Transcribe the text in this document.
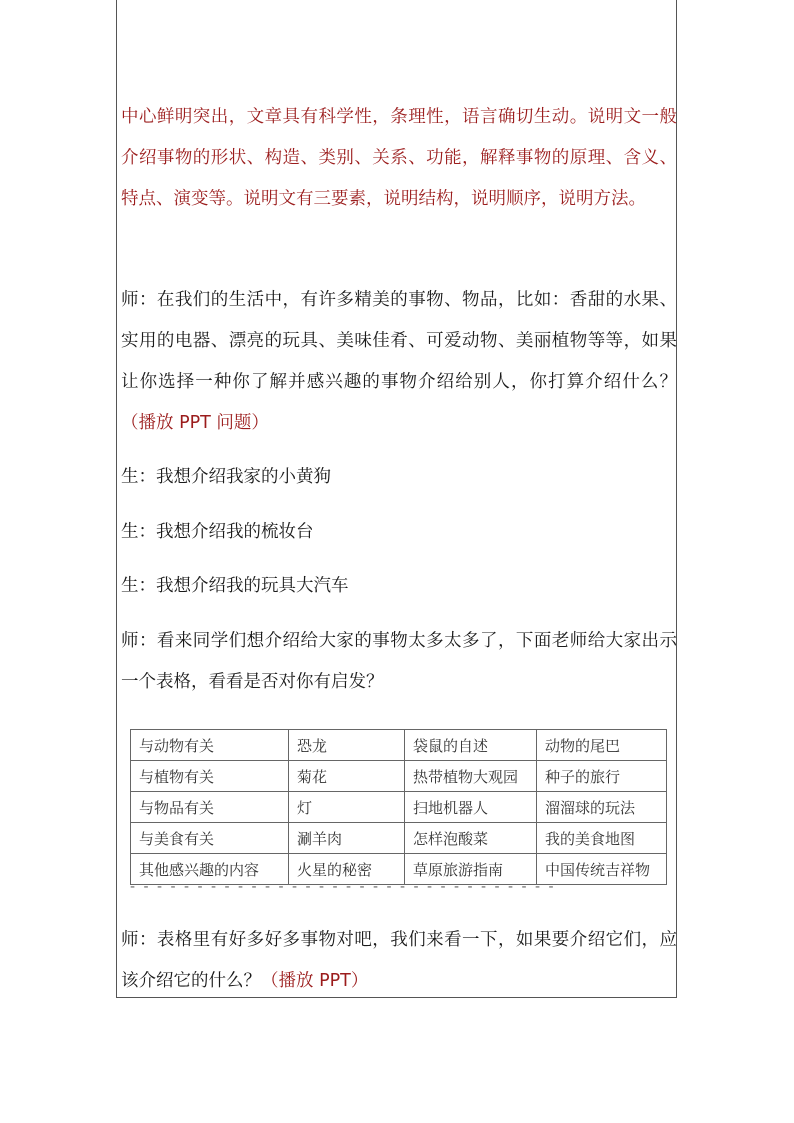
中心鲜明突出，文章具有科学性，条理性，语言确切生动。说明文一般介绍事物的形状、构造、类别、关系、功能，解释事物的原理、含义、特点、演变等。说明文有三要素，说明结构，说明顺序，说明方法。

师：在我们的生活中，有许多精美的事物、物品，比如：香甜的水果、实用的电器、漂亮的玩具、美味佳肴、可爱动物、美丽植物等等，如果让你选择一种你了解并感兴趣的事物介绍给别人，你打算介绍什么？（播放 PPT 问题）

生：我想介绍我家的小黄狗

生：我想介绍我的梳妆台

生：我想介绍我的玩具大汽车

师：看来同学们想介绍给大家的事物太多太多了，下面老师给大家出示一个表格，看看是否对你有启发？

与动物有关	恐龙	袋鼠的自述	动物的尾巴
与植物有关	菊花	热带植物大观园	种子的旅行
与物品有关	灯	扫地机器人	溜溜球的玩法
与美食有关	涮羊肉	怎样泡酸菜	我的美食地图
其他感兴趣的内容	火星的秘密	草原旅游指南	中国传统吉祥物
- - - - - - - - - - - - - - - - - - - - - - - - - - - - - - - -

师：表格里有好多好多事物对吧，我们来看一下，如果要介绍它们，应该介绍它的什么？（播放 PPT）
